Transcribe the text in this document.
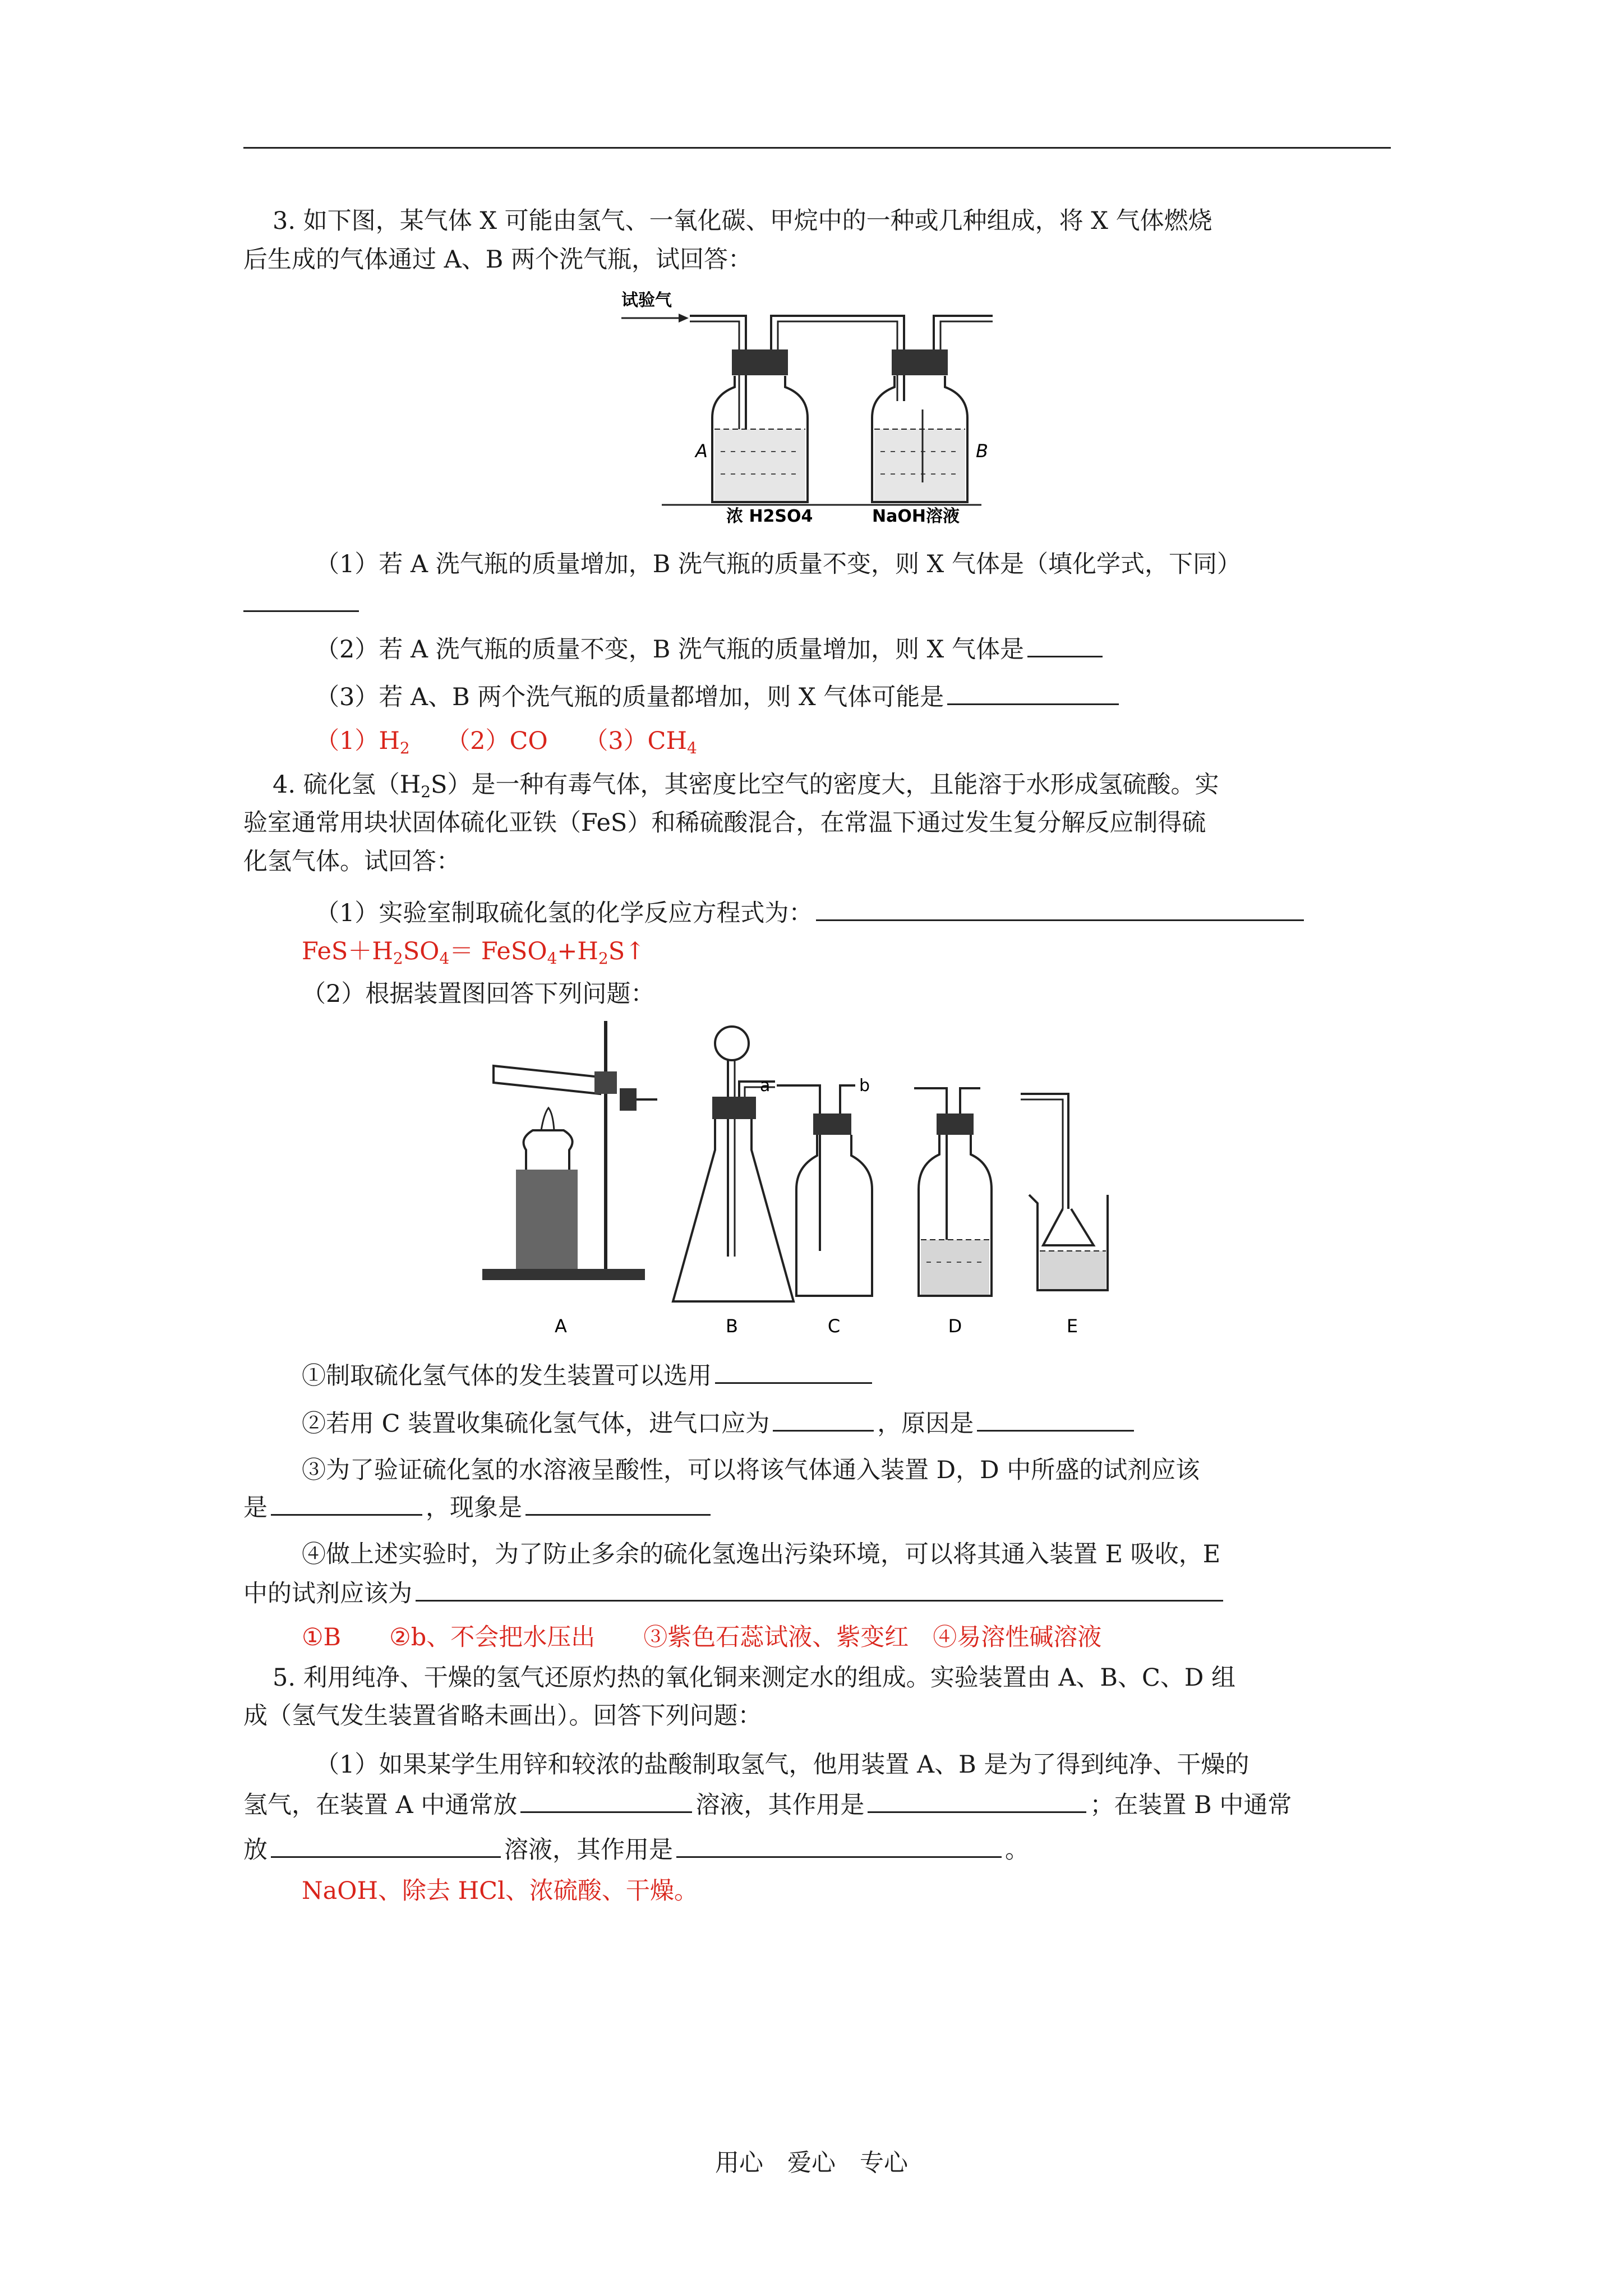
3. 如下图，某气体 X 可能由氢气、一氧化碳、甲烷中的一种或几种组成，将 X 气体燃烧
后生成的气体通过 A、B 两个洗气瓶，试回答：
试验气
A	B
浓 H2SO4	NaOH溶液
（1）若 A 洗气瓶的质量增加，B 洗气瓶的质量不变，则 X 气体是（填化学式，下同）
（2）若 A 洗气瓶的质量不变，B 洗气瓶的质量增加，则 X 气体是
（3）若 A、B 两个洗气瓶的质量都增加，则 X 气体可能是
$(1)H_2$　　 （2）CO　　 $(3)CH_4$
4. 硫化氢$(H_2S)$是一种有毒气体，其密度比空气的密度大，且能溶于水形成氢硫酸。实
验室通常用块状固体硫化亚铁（FeS）和稀硫酸混合，在常温下通过发生复分解反应制得硫
化氢气体。试回答：
（1）实验室制取硫化氢的化学反应方程式为：
$FeS+H_2SO_4=$ $FeSO_4+H_2S↑$
（2）根据装置图回答下列问题：
a	b
A	B	C	D	E
①制取硫化氢气体的发生装置可以选用
②若用 C 装置收集硫化氢气体，进气口应为	，原因是
③为了验证硫化氢的水溶液呈酸性，可以将该气体通入装置 D，D 中所盛的试剂应该
是	，现象是
④做上述实验时，为了防止多余的硫化氢逸出污染环境，可以将其通入装置 E 吸收，E
中的试剂应该为
①B　　②b、不会把水压出　　③紫色石蕊试液、紫变红　④易溶性碱溶液
5. 利用纯净、干燥的氢气还原灼热的氧化铜来测定水的组成。实验装置由 A、B、C、D 组
成（氢气发生装置省略未画出）。回答下列问题：
（1）如果某学生用锌和较浓的盐酸制取氢气，他用装置 A、B 是为了得到纯净、干燥的
氢气，在装置 A 中通常放	溶液，其作用是	；在装置 B 中通常
放	溶液，其作用是	。
NaOH、除去 HCl、浓硫酸、干燥。
用心　爱心　专心
